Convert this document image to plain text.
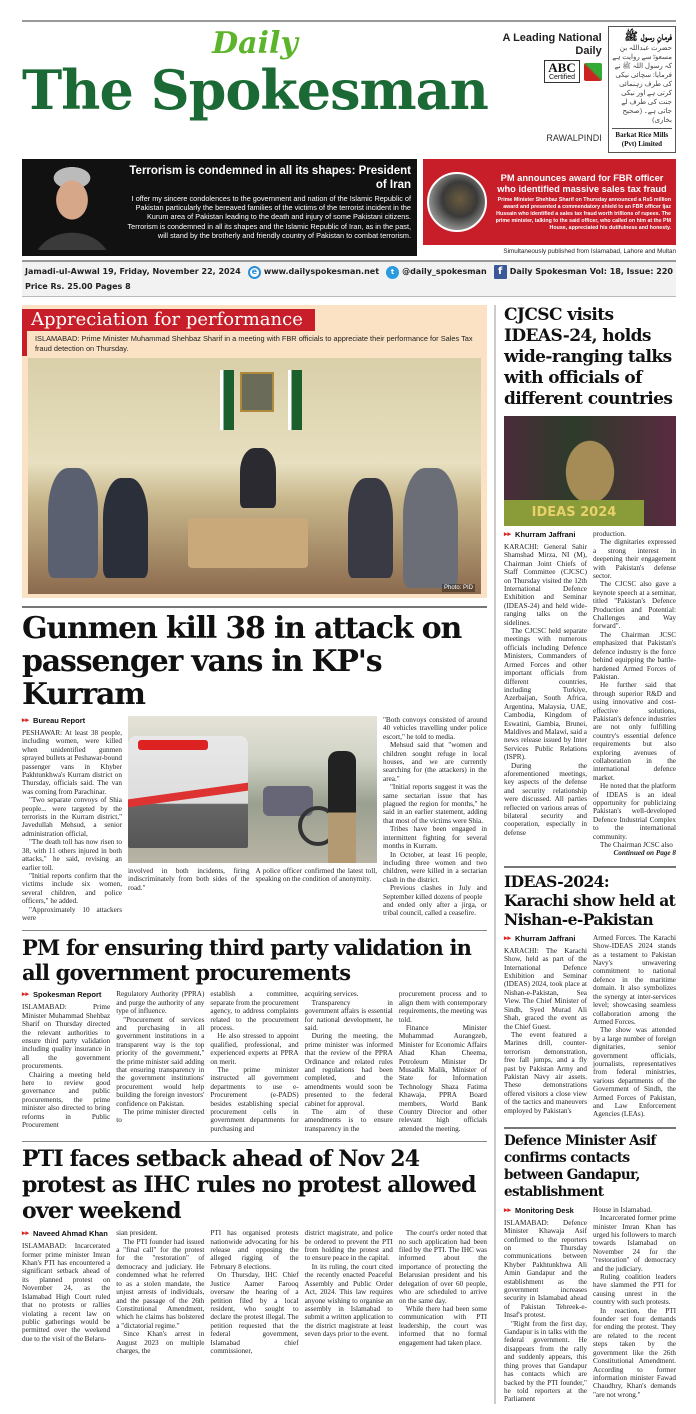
Daily
The Spokesman
A Leading National Daily
ABC
Certified
RAWALPINDI
فرمانِ رسول ﷺ
حضرت عبداللہ بن مسعودؓ سے روایت ہے کہ رسول اللہ ﷺ نے فرمایا: سچائی نیکی کی طرف رہنمائی کرتی ہے اور نیکی جنت کی طرف لے جاتی ہے۔ (صحیح بخاری)
Barkat Rice Mills (Pvt) Limited
Terrorism is condemned in all its shapes: President of Iran
I offer my sincere condolences to the government and nation of the Islamic Republic of Pakistan particularly the bereaved families of the victims of the terrorist incident in the Kurum area of Pakistan leading to the death and injury of some Pakistani citizens. Terrorism is condemned in all its shapes and the Islamic Republic of Iran, as in the past, will stand by the brotherly and friendly country of Pakistan to combat terrorism.
PM announces award for FBR officer who identified massive sales tax fraud
Prime Minister Shehbaz Sharif on Thursday announced a Rs5 million award and presented a commendatory shield to an FBR officer Ijaz Hussain who identified a sales tax fraud worth trillions of rupees. The prime minister, talking to the said officer, who called on him at the PM House, appreciated his dutifulness and honesty.
Simultaneously published from Islamabad, Lahore and Multan
Jamadi-ul-Awwal 19, Friday, November 22, 2024	e www.dailyspokesman.net	t @daily_spokesman	f Daily Spokesman Vol: 18, Issue: 220
Price Rs. 25.00 Pages 8
Appreciation for performance
ISLAMABAD: Prime Minister Muhammad Shehbaz Sharif in a meeting with FBR officials to appreciate their performance for Sales Tax fraud detection on Thursday.
Photo: PID
Gunmen kill 38 in attack on passenger vans in KP's Kurram
▸▸ Bureau Report

PESHAWAR: At least 38 people, including women, were killed when unidentified gunmen sprayed bullets at Peshawar-bound passenger vans in Khyber Pakhtunkhwa's Kurram district on Thursday, officials said. The van was coming from Parachinar.

"Two separate convoys of Shia people... were targeted by the terrorists in the Kurram district," Javedullah Mehsud, a senior administration official,

"The death toll has now risen to 38, with 11 others injured in both attacks," he said, revising an earlier toll.

"Initial reports confirm that the victims include six women, several children, and police officers," he added.

"Approximately 10 attackers were

involved in both incidents, firing indiscriminately from both sides of the road."

A police officer confirmed the latest toll, speaking on the condition of anonymity.

"Both convoys consisted of around 40 vehicles travelling under police escort," he told to media.

Mehsud said that "women and children sought refuge in local houses, and we are currently searching for (the attackers) in the area."

"Initial reports suggest it was the same sectarian issue that has plagued the region for months," he said in an earlier statement, adding that most of the victims were Shia.

Tribes have been engaged in intermittent fighting for several months in Kurram.

In October, at least 16 people, including three women and two children, were killed in a sectarian clash in the district.

Previous clashes in July and September killed dozens of people

and ended only after a jirga, or tribal council, called a ceasefire.

PM for ensuring third party validation in all government procurements
▸▸ Spokesman Report

ISLAMABAD: Prime Minister Muhammad Shehbaz Sharif on Thursday directed the relevant authorities to ensure third party validation including quality insurance in all the government procurements.

Chairing a meeting held here to review good governance and public procurements, the prime minister also directed to bring reforms in Public Procurement

Regulatory Authority (PPRA) and purge the authority of any type of influence.

"Procurement of services and purchasing in all government institutions in a transparent way is the top priority of the government," the prime minister said adding that ensuring transparency in the government institutions' procurement would help building the foreign investors' confidence on Pakistan.

The prime minister directed to

establish a committee, separate from the procurement agency, to address complaints related to the procurement process.

He also stressed to appoint qualified, professional, and experienced experts at PPRA on merit.

The prime minister instructed all government departments to use e-Procurement (e-PADS) besides establishing special procurement cells in government departments for purchasing and

acquiring services.

Transparency in government affairs is essential for national development, he said.

During the meeting, the prime minister was informed that the review of the PPRA Ordinance and related rules and regulations had been completed, and the amendments would soon be presented to the federal cabinet for approval.

The aim of these amendments is to ensure transparency in the

procurement process and to align them with contemporary requirements, the meeting was told.

Finance Minister Muhammad Aurangzeb, Minister for Economic Affairs Ahad Khan Cheema, Petroleum Minister Dr Musadik Malik, Minister of State for Information Technology Shaza Fatima Khawaja, PPRA Board members, World Bank Country Director and other relevant high officials attended the meeting.

PTI faces setback ahead of Nov 24 protest as IHC rules no protest allowed over weekend
▸▸ Naveed Ahmad Khan

ISLAMABAD: Incarcerated former prime minister Imran Khan's PTI has encountered a significant setback ahead of its planned protest on November 24, as the Islamabad High Court ruled that no protests or rallies violating a recent law on public gatherings would be permitted over the weekend due to the visit of the Belaru-

sian president.

The PTI founder had issued a "final call" for the protest for the "restoration" of democracy and judiciary. He condemned what he referred to as a stolen mandate, the unjust arrests of individuals, and the passage of the 26th Constitutional Amendment, which he claims has bolstered a "dictatorial regime."

Since Khan's arrest in August 2023 on multiple charges, the

PTI has organised protests nationwide advocating for his release and opposing the alleged rigging of the February 8 elections.

On Thursday, IHC Chief Justice Aamer Farooq oversaw the hearing of a petition filed by a local resident, who sought to declare the protest illegal. The petition requested that the federal government, Islamabad chief commissioner,

district magistrate, and police be ordered to prevent the PTI from holding the protest and to ensure peace in the capital.

In its ruling, the court cited the recently enacted Peaceful Assembly and Public Order Act, 2024. This law requires anyone wishing to organise an assembly in Islamabad to submit a written application to the district magistrate at least seven days prior to the event.

The court's order noted that no such application had been filed by the PTI. The IHC was informed about the importance of protecting the Belarusian president and his delegation of over 60 people, who are scheduled to arrive on the same day.

While there had been some communication with PTI leadership, the court was informed that no formal engagement had taken place.

CJCSC visits IDEAS-24, holds wide-ranging talks with officials of different countries
IDEAS 2024
▸▸ Khurram Jaffrani

KARACHI: General Sahir Shamshad Mirza, NI (M), Chairman Joint Chiefs of Staff Committee (CJCSC) on Thursday visited the 12th International Defence Exhibition and Seminar (IDEAS-24) and held wide-ranging talks on the sidelines.

The CJCSC held separate meetings with numerous officials including Defence Ministers, Commanders of Armed Forces and other important officials from different countries, including Turkiye, Azerbaijan, South Africa, Argentina, Malaysia, UAE, Cambodia, Kingdom of Eswatini, Gambia, Brunei, Maldives and Malawi, said a news release issued by Inter Services Public Relations (ISPR).

During the aforementioned meetings, key aspects of the defense and security relationship were discussed. All parties reflected on various areas of bilateral security and cooperation, especially in defense

production.

The dignitaries expressed a strong interest in deepening their engagement with Pakistan's defense sector.

The CJCSC also gave a keynote speech at a seminar, titled "Pakistan's Defence Production and Potential: Challenges and Way forward".

The Chairman JCSC emphasized that Pakistan's defence industry is the force behind equipping the battle-hardened Armed Forces of Pakistan.

He further said that through superior R&D and using innovative and cost-effective solutions, Pakistan's defence industries are not only fulfilling country's essential defence requirements but also exploring avenues of collaboration in the international defence market.

He noted that the platform of IDEAS is an ideal opportunity for publicizing Pakistan's well-developed Defence Industrial Complex to the international community.

The Chairman JCSC also

Continued on Page 8

IDEAS-2024: Karachi show held at Nishan-e-Pakistan
▸▸ Khurram Jaffrani

KARACHI: The Karachi Show, held as part of the International Defence Exhibition and Seminar (IDEAS) 2024, took place at Nishan-e-Pakistan, Sea View. The Chief Minister of Sindh, Syed Murad Ali Shah, graced the event as the Chief Guest.

The event featured a Marines drill, counter-terrorism demonstration, free fall jumps, and a fly past by Pakistan Army and Pakistan Navy air assets. These demonstrations offered visitors a close view of the tactics and maneuvers employed by Pakistan's

Armed Forces. The Karachi Show-IDEAS 2024 stands as a testament to Pakistan Navy's unwavering commitment to national defence in the maritime domain. It also symbolizes the synergy at inter-services level; showcasing seamless collaboration among the Armed Forces.

The show was attended by a large number of foreign dignitaries, senior government officials, journalists, representatives from federal ministries, various departments of the Government of Sindh, the Armed Forces of Pakistan, and Law Enforcement Agencies (LEAs).

Defence Minister Asif confirms contacts between Gandapur, establishment
▸▸ Monitoring Desk

ISLAMABAD: Defence Minister Khawaja Asif confirmed to the reporters on Thursday communications between Khyber Pakhtunkhwa Ali Amin Gandapur and the establishment as the government increases security in Islamabad ahead of Pakistan Tehreek-e-Insaf's protest.

"Right from the first day, Gandapur is in talks with the federal government. He disappears from the rally and suddenly appears, this thing proves that Gandapur has contacts which are backed by the PTI founder," he told reporters at the Parliament

House in Islamabad.

Incarcerated former prime minister Imran Khan has urged his followers to march towards Islamabad on November 24 for the "restoration" of democracy and the judiciary.

Ruling coalition leaders have slammed the PTI for causing unrest in the country with such protests.

In reaction, the PTI founder set four demands for ending the protest. They are related to the recent steps taken by the government like the 26th Constitutional Amendment. According to former information minister Fawad Chaudhry, Khan's demands "are not wrong."
